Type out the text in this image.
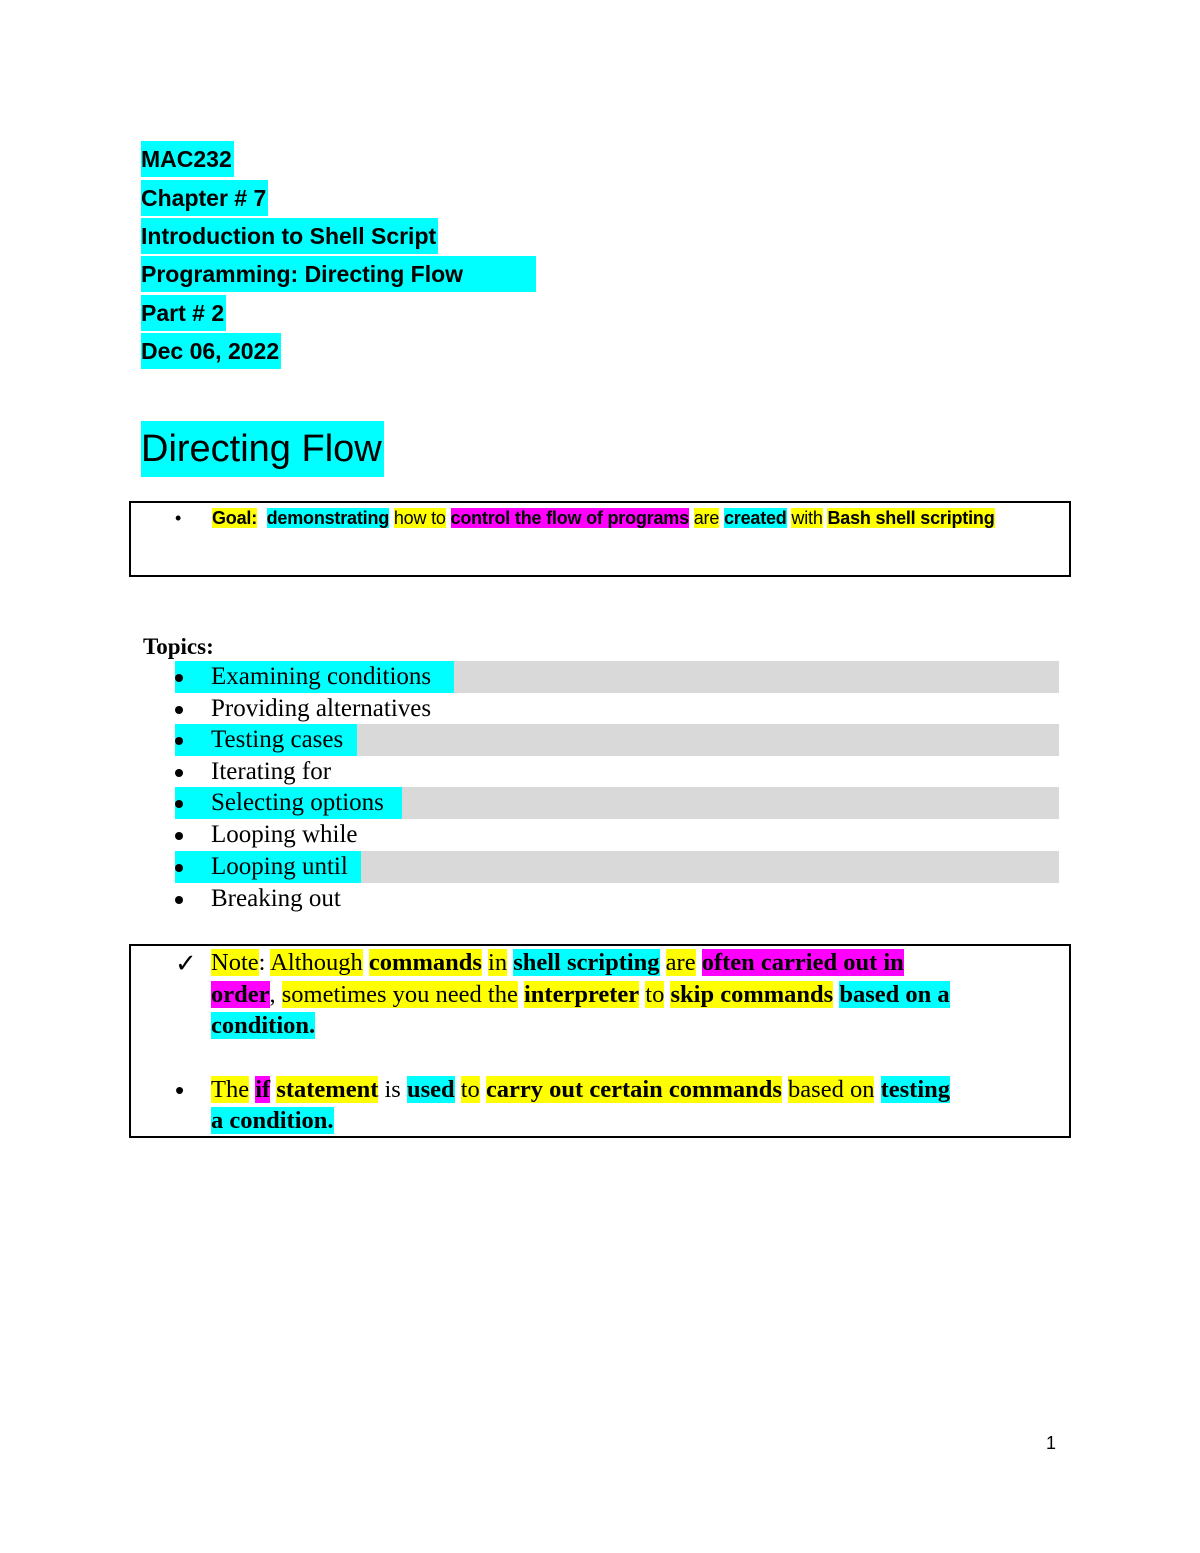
MAC232
Chapter # 7
Introduction to Shell Script
Programming: Directing Flow
Part # 2
Dec 06, 2022
Directing Flow
• Goal: demonstrating how to control the flow of programs are created with Bash shell scripting
Topics:
Examining conditions
Providing alternatives
Testing cases
Iterating for
Selecting options
Looping while
Looping until
Breaking out
✓ Note: Although commands in shell scripting are often carried out in
order, sometimes you need the interpreter to skip commands based on a
condition.
• The if statement is used to carry out certain commands based on testing
a condition.
1
